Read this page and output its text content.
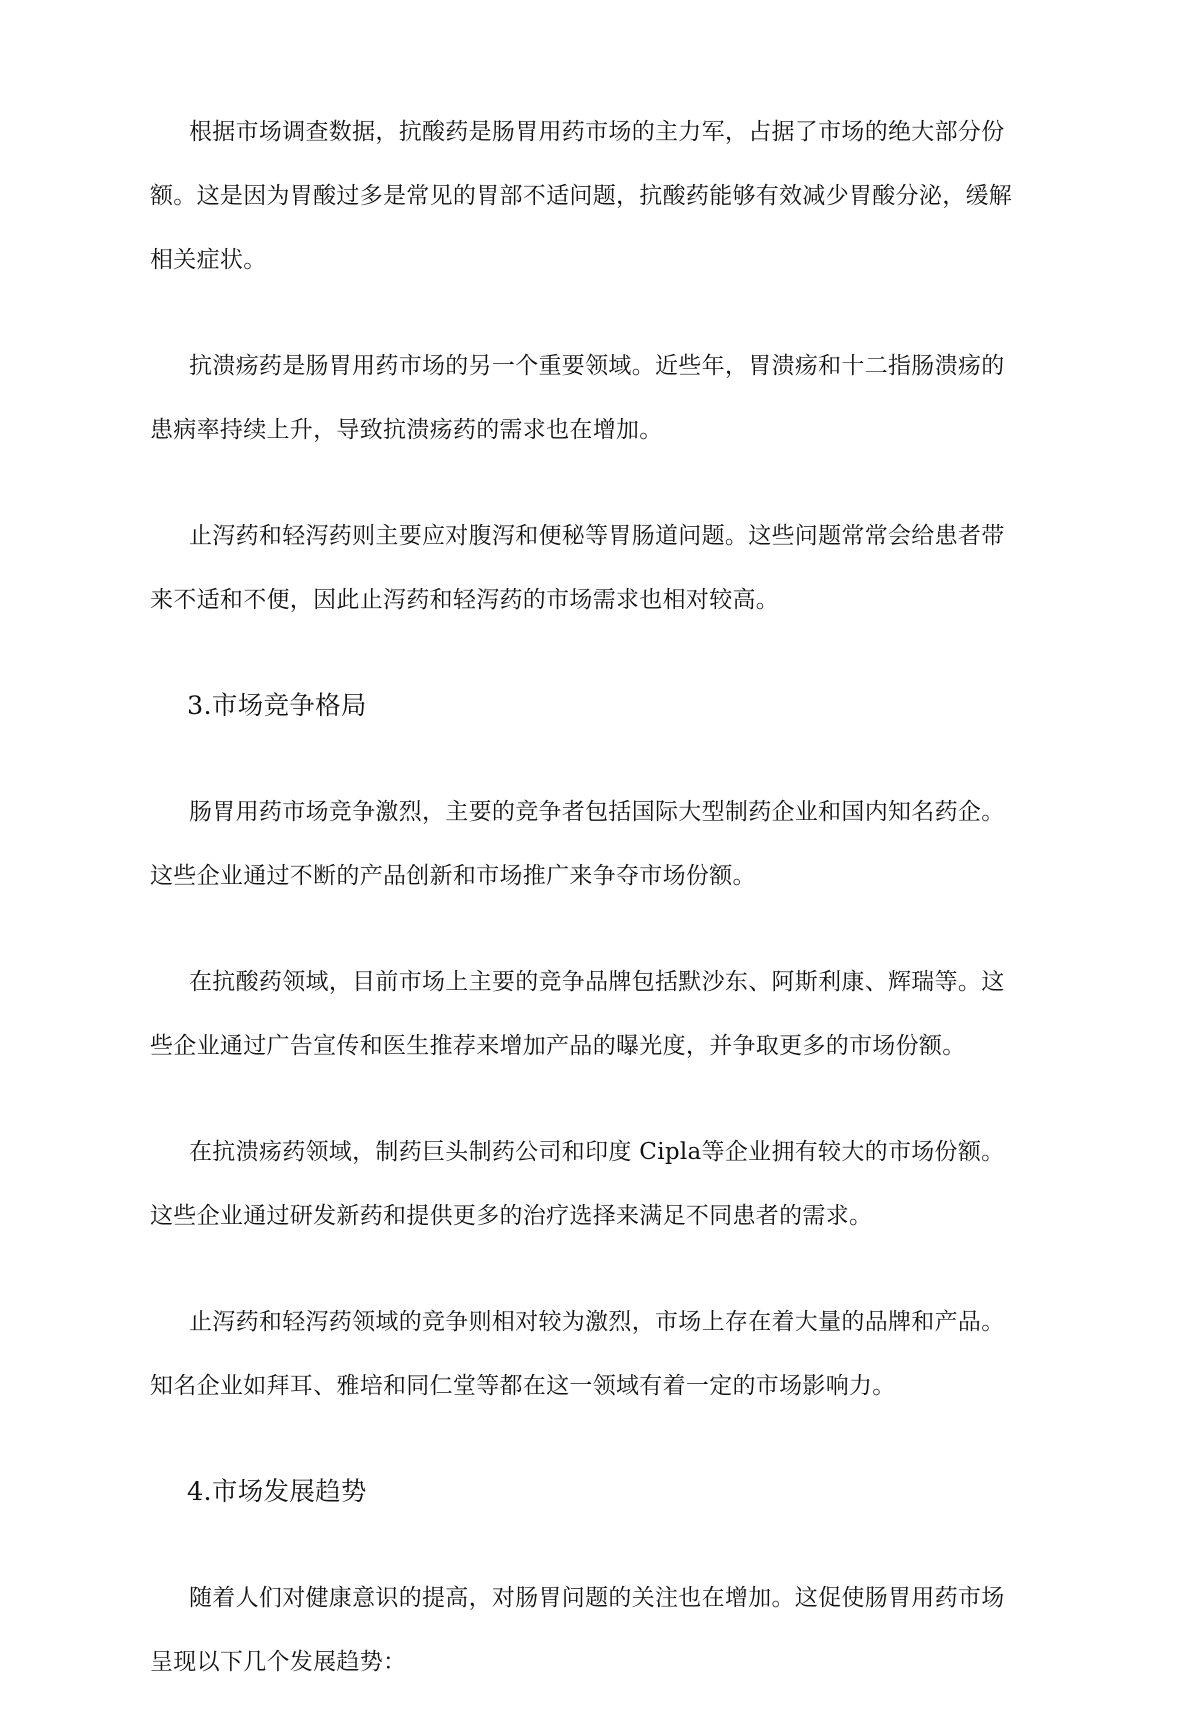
根据市场调查数据，抗酸药是肠胃用药市场的主力军，占据了市场的绝大部分份
额。这是因为胃酸过多是常见的胃部不适问题，抗酸药能够有效减少胃酸分泌，缓解
相关症状。

抗溃疡药是肠胃用药市场的另一个重要领域。近些年，胃溃疡和十二指肠溃疡的
患病率持续上升，导致抗溃疡药的需求也在增加。

止泻药和轻泻药则主要应对腹泻和便秘等胃肠道问题。这些问题常常会给患者带
来不适和不便，因此止泻药和轻泻药的市场需求也相对较高。

3.市场竞争格局

肠胃用药市场竞争激烈，主要的竞争者包括国际大型制药企业和国内知名药企。
这些企业通过不断的产品创新和市场推广来争夺市场份额。

在抗酸药领域，目前市场上主要的竞争品牌包括默沙东、阿斯利康、辉瑞等。这
些企业通过广告宣传和医生推荐来增加产品的曝光度，并争取更多的市场份额。

在抗溃疡药领域，制药巨头制药公司和印度 Cipla等企业拥有较大的市场份额。
这些企业通过研发新药和提供更多的治疗选择来满足不同患者的需求。

止泻药和轻泻药领域的竞争则相对较为激烈，市场上存在着大量的品牌和产品。
知名企业如拜耳、雅培和同仁堂等都在这一领域有着一定的市场影响力。

4.市场发展趋势

随着人们对健康意识的提高，对肠胃问题的关注也在增加。这促使肠胃用药市场
呈现以下几个发展趋势：
